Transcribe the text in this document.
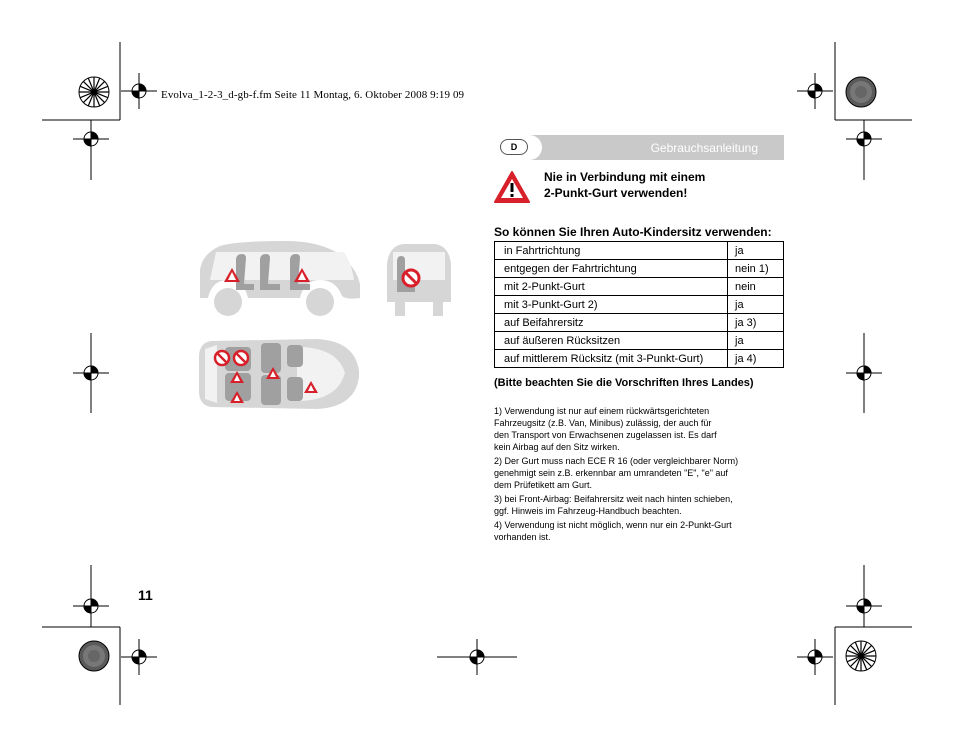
Evolva_1-2-3_d-gb-f.fm Seite 11 Montag, 6. Oktober 2008 9:19 09
D	Gebrauchsanleitung
Nie in Verbindung mit einem
2-Punkt-Gurt verwenden!
So können Sie Ihren Auto-Kindersitz verwenden:
in Fahrtrichtung	ja
entgegen der Fahrtrichtung	nein 1)
mit 2-Punkt-Gurt	nein
mit 3-Punkt-Gurt 2)	ja
auf Beifahrersitz	ja 3)
auf äußeren Rücksitzen	ja
auf mittlerem Rücksitz (mit 3-Punkt-Gurt)	ja 4)
(Bitte beachten Sie die Vorschriften Ihres Landes)

1) Verwendung ist nur auf einem rückwärtsgerichteten
Fahrzeugsitz (z.B. Van, Minibus) zulässig, der auch für
den Transport von Erwachsenen zugelassen ist. Es darf
kein Airbag auf den Sitz wirken.

2) Der Gurt muss nach ECE R 16 (oder vergleichbarer Norm)
genehmigt sein z.B. erkennbar am umrandeten "E", "e" auf
dem Prüfetikett am Gurt.

3) bei Front-Airbag: Beifahrersitz weit nach hinten schieben,
ggf. Hinweis im Fahrzeug-Handbuch beachten.

4) Verwendung ist nicht möglich, wenn nur ein 2-Punkt-Gurt
vorhanden ist.

11
